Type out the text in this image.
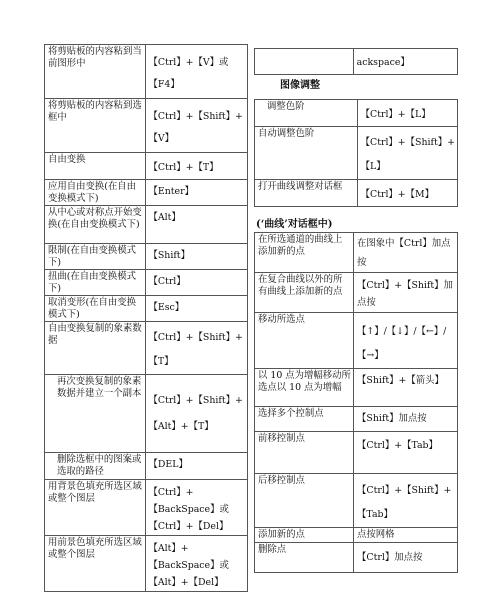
将剪贴板的内容粘到当前图形中	【Ctrl】+【V】或【F4】

将剪贴板的内容粘到选框中	【Ctrl】+【Shift】+【V】

自由变换	【Ctrl】+【T】

应用自由变换(在自由变换模式下)	【Enter】

从中心或对称点开始变换(在自由变换模式下)	【Alt】

限制(在自由变换模式下)	【Shift】

扭曲(在自由变换模式下)	【Ctrl】

取消变形(在自由变换模式下)	【Esc】

自由变换复制的象素数据	【Ctrl】+【Shift】+【T】

再次变换复制的象素数据并建立一个副本	【Ctrl】+【Shift】+【Alt】+【T】

删除选框中的图案或选取的路径	【DEL】

用背景色填充所选区域或整个图层	【Ctrl】+【BackSpace】或【Ctrl】+【Del】

用前景色填充所选区域或整个图层	【Alt】+【BackSpace】或【Alt】+【Del】

ackspace】
图像调整
调整色阶	【Ctrl】+【L】

自动调整色阶	【Ctrl】+【Shift】+【L】

打开曲线调整对话框	【Ctrl】+【M】
(‘曲线’对话框中)
在所选通道的曲线上添加新的点	在图象中【Ctrl】加点按

在复合曲线以外的所有曲线上添加新的点	【Ctrl】+【Shift】加点按

移动所选点	【↑】/【↓】/【←】/【→】

以 10 点为增幅移动所选点以 10 点为增幅	【Shift】+【箭头】

选择多个控制点	【Shift】加点按

前移控制点	【Ctrl】+【Tab】

后移控制点	【Ctrl】+【Shift】+【Tab】

添加新的点	点按网格
删除点	【Ctrl】加点按
